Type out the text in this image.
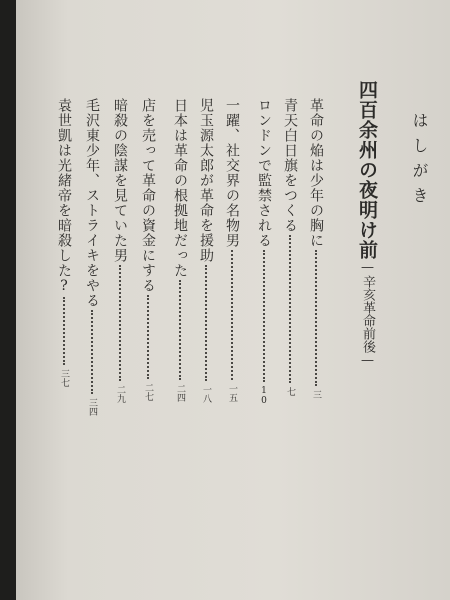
はしがき
四百余州の夜明け前—辛亥革命前後—
革命の焔は少年の胸に三
青天白日旗をつくる七
ロンドンで監禁される10
一躍、社交界の名物男一五
児玉源太郎が革命を援助一八
日本は革命の根拠地だった二四
店を売って革命の資金にする二七
暗殺の陰謀を見ていた男二九
毛沢東少年、ストライキをやる三四
袁世凱は光緒帝を暗殺した?三七
